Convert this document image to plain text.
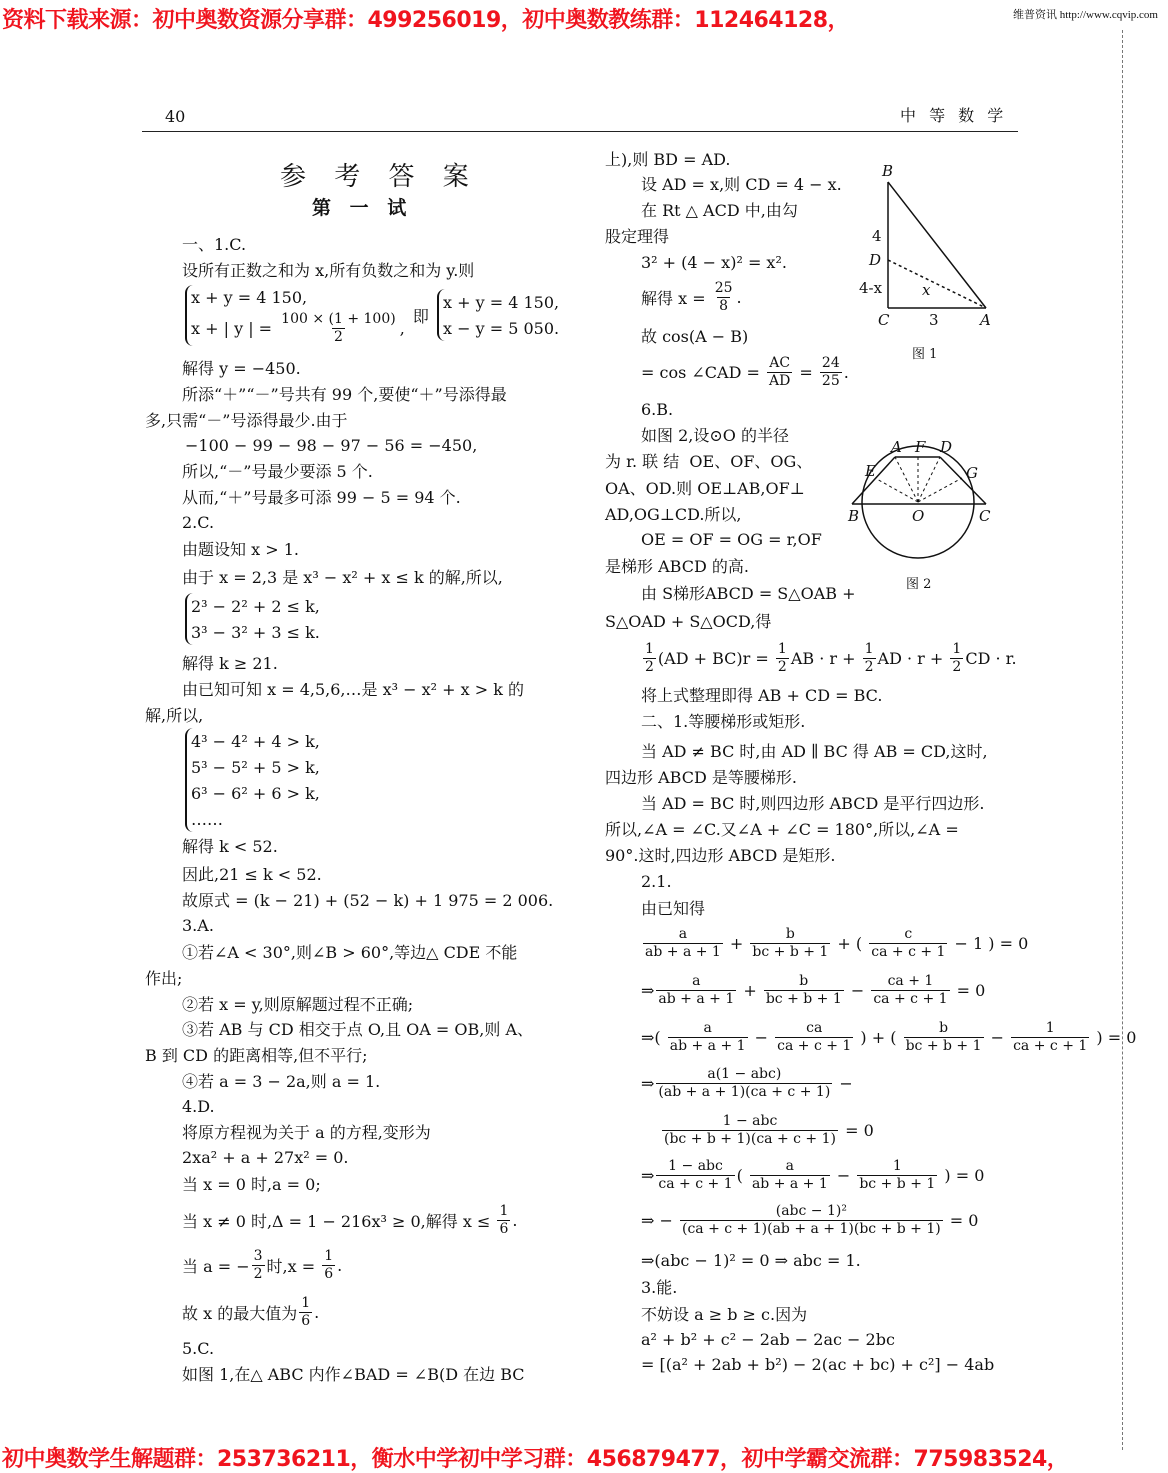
资料下载来源：初中奥数资源分享群：499256019，初中奥数教练群：112464128，	维普资讯 http://www.cqvip.com
40	中 等 数 学
参 考 答 案
第 一 试
一、1.C.
设所有正数之和为 x,所有负数之和为 y.则
x + y = 4 150,
x + | y | = $\frac{100 \times (1 + 100)}{2}$ ,
即
x + y = 4 150,
x − y = 5 050.
解得 y = −450.
所添“＋”“－”号共有 99 个,要使“＋”号添得最
多,只需“－”号添得最少.由于
−100 − 99 − 98 − 97 − 56 = −450,
所以,“－”号最少要添 5 个.
从而,“＋”号最多可添 99 − 5 = 94 个.
2.C.
由题设知 x > 1.
由于 x = 2,3 是 x³ − x² + x ≤ k 的解,所以,
2³ − 2² + 2 ≤ k,
3³ − 3² + 3 ≤ k.
解得 k ≥ 21.
由已知可知 x = 4,5,6,…是 x³ − x² + x > k 的
解,所以,
4³ − 4² + 4 > k,
5³ − 5² + 5 > k,
6³ − 6² + 6 > k,
……
解得 k < 52.
因此,21 ≤ k < 52.
故原式 = (k − 21) + (52 − k) + 1 975 = 2 006.
3.A.
①若∠A < 30°,则∠B > 60°,等边△ CDE 不能
作出;
②若 x = y,则原解题过程不正确;
③若 AB 与 CD 相交于点 O,且 OA = OB,则 A、
B 到 CD 的距离相等,但不平行;
④若 a = 3 − 2a,则 a = 1.
4.D.
将原方程视为关于 a 的方程,变形为
2xa² + a + 27x² = 0.
当 x = 0 时,a = 0;
当 x ≠ 0 时,Δ = 1 − 216x³ ≥ 0,解得 $x \le \frac{1}{6}$ .
当 a = − $\frac{3}{2}$ 时$,x = \frac{1}{6}$ .
故 x 的最大值为 $\frac{1}{6}$ .
5.C.
如图 1,在△ ABC 内作∠BAD = ∠B(D 在边 BC
上),则 BD = AD.
设 AD = x,则 CD = 4 − x.
在 Rt △ ACD 中,由勾
股定理得
3² + (4 − x)² = x².
解得 $x = \frac{25}{8}$ .
故 cos(A − B)
= cos ∠CAD = $\frac{AC}{AD} = \frac{24}{25}$ .
6.B.
如图 2,设⊙O 的半径
为 r. 联 结  OE、OF、OG、
OA、OD.则 OE⊥AB,OF⊥
AD,OG⊥CD.所以,
OE = OF = OG = r,OF
是梯形 ABCD 的高.
由 S梯形ABCD = S△OAB +
S△OAD + S△OCD,得
$\frac{1}{2} (AD + BC)r = \frac{1}{2}$ AB · $r + \frac{1}{2}$ AD · $r + \frac{1}{2}$ CD · r.
将上式整理即得 AB + CD = BC.
二、1.等腰梯形或矩形.
当 AD ≠ BC 时,由 AD ∥ BC 得 AB = CD,这时,
四边形 ABCD 是等腰梯形.
当 AD = BC 时,则四边形 ABCD 是平行四边形.
所以,∠A = ∠C.又∠A + ∠C = 180°,所以,∠A =
90°.这时,四边形 ABCD 是矩形.
2.1.
由已知得
$\frac{a}{ab + a + 1} + \frac{b}{bc + b + 1}$ + ( $\frac{c}{ca + c + 1} - 1$ ) = 0
⇒ $\frac{a}{ab + a + 1} + \frac{b}{bc + b + 1} - \frac{ca + 1}{ca + c + 1} = 0$
⇒( $\frac{a}{ab + a + 1} - \frac{ca}{ca + c + 1}$ ) + ( $\frac{b}{bc + b + 1} - \frac{1}{ca + c + 1}$ ) = 0
⇒ $\frac{\text{a(1 − abc)}}{(ab + a + 1)(ca + c + 1)}$ −
$\frac{\text{1 − abc}}{(bc + b + 1)(ca + c + 1)} = 0$
⇒ $\frac{\text{1 − abc}}{ca + c + 1}$ ( $\frac{a}{ab + a + 1} - \frac{1}{bc + b + 1}$ ) = 0
⇒ − $\frac{\text{(abc − 1)²}}{(ca + c + 1)(ab + a + 1)(bc + b + 1)} = 0$
⇒(abc − 1)² = 0 ⇒ abc = 1.
3.能.
不妨设 a ≥ b ≥ c.因为
a² + b² + c² − 2ab − 2ac − 2bc
= [(a² + 2ab + b²) − 2(ac + bc) + c²] − 4ab
B
4
D
4-x	x
C	3	A
图 1
A F D
E	G
B	O	C
图 2
初中奥数学生解题群：253736211，衡水中学初中学习群：456879477，初中学霸交流群：775983524，
